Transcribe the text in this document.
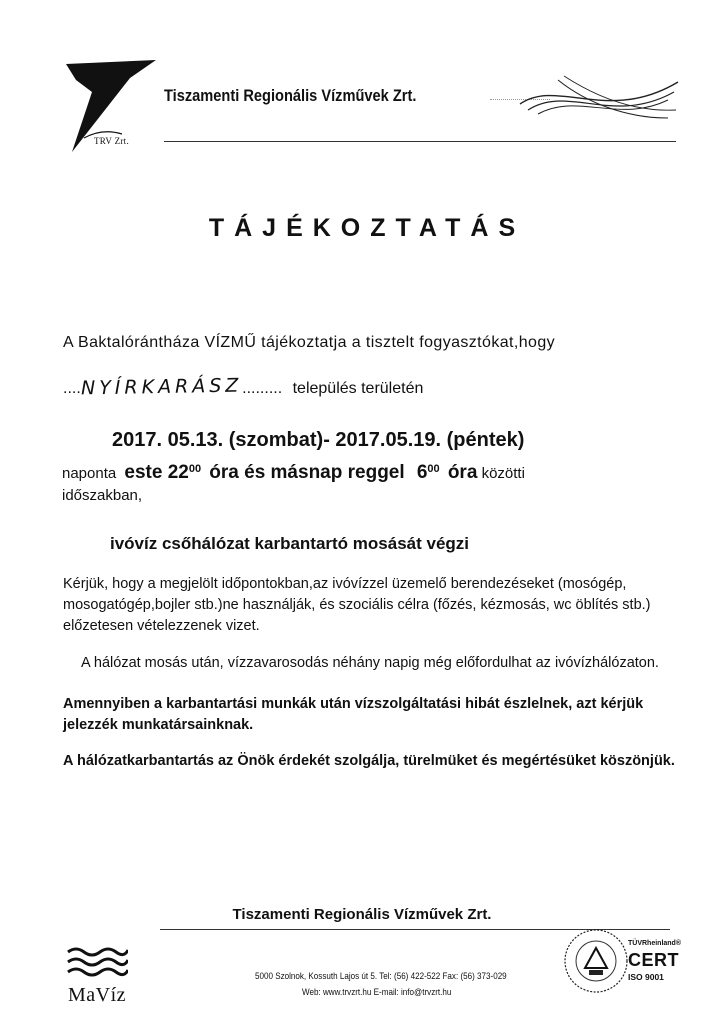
TRV Zrt.
Tiszamenti Regionális Vízművek Zrt.
TÁJÉKOZTATÁS
A Baktalórántháza VÍZMŰ tájékoztatja a tisztelt fogyasztókat,hogy
....NYÍRKARÁSZ......... település területén
2017. 05.13. (szombat)- 2017.05.19. (péntek)
naponta este $22^{00}$ óra és másnap reggel $6^{00}$ óra közötti
időszakban,
ivóvíz csőhálózat karbantartó mosását végzi
Kérjük, hogy a megjelölt időpontokban,az ivóvízzel üzemelő berendezéseket (mosógép, mosogatógép,bojler stb.)ne használják, és szociális célra (főzés, kézmosás, wc öblítés stb.) előzetesen vételezzenek vizet.
A hálózat mosás után, vízzavarosodás néhány napig még előfordulhat az ivóvízhálózaton.
Amennyiben a karbantartási munkák után vízszolgáltatási hibát észlelnek, azt kérjük jelezzék munkatársainknak.
A hálózatkarbantartás az Önök érdekét szolgálja, türelmüket és megértésüket köszönjük.
Tiszamenti Regionális Vízművek Zrt.
MaVíz
5000 Szolnok, Kossuth Lajos út 5. Tel: (56) 422-522 Fax: (56) 373-029
Web: www.trvzrt.hu E-mail: info@trvzrt.hu
TÜVRheinland®
CERT
ISO 9001
